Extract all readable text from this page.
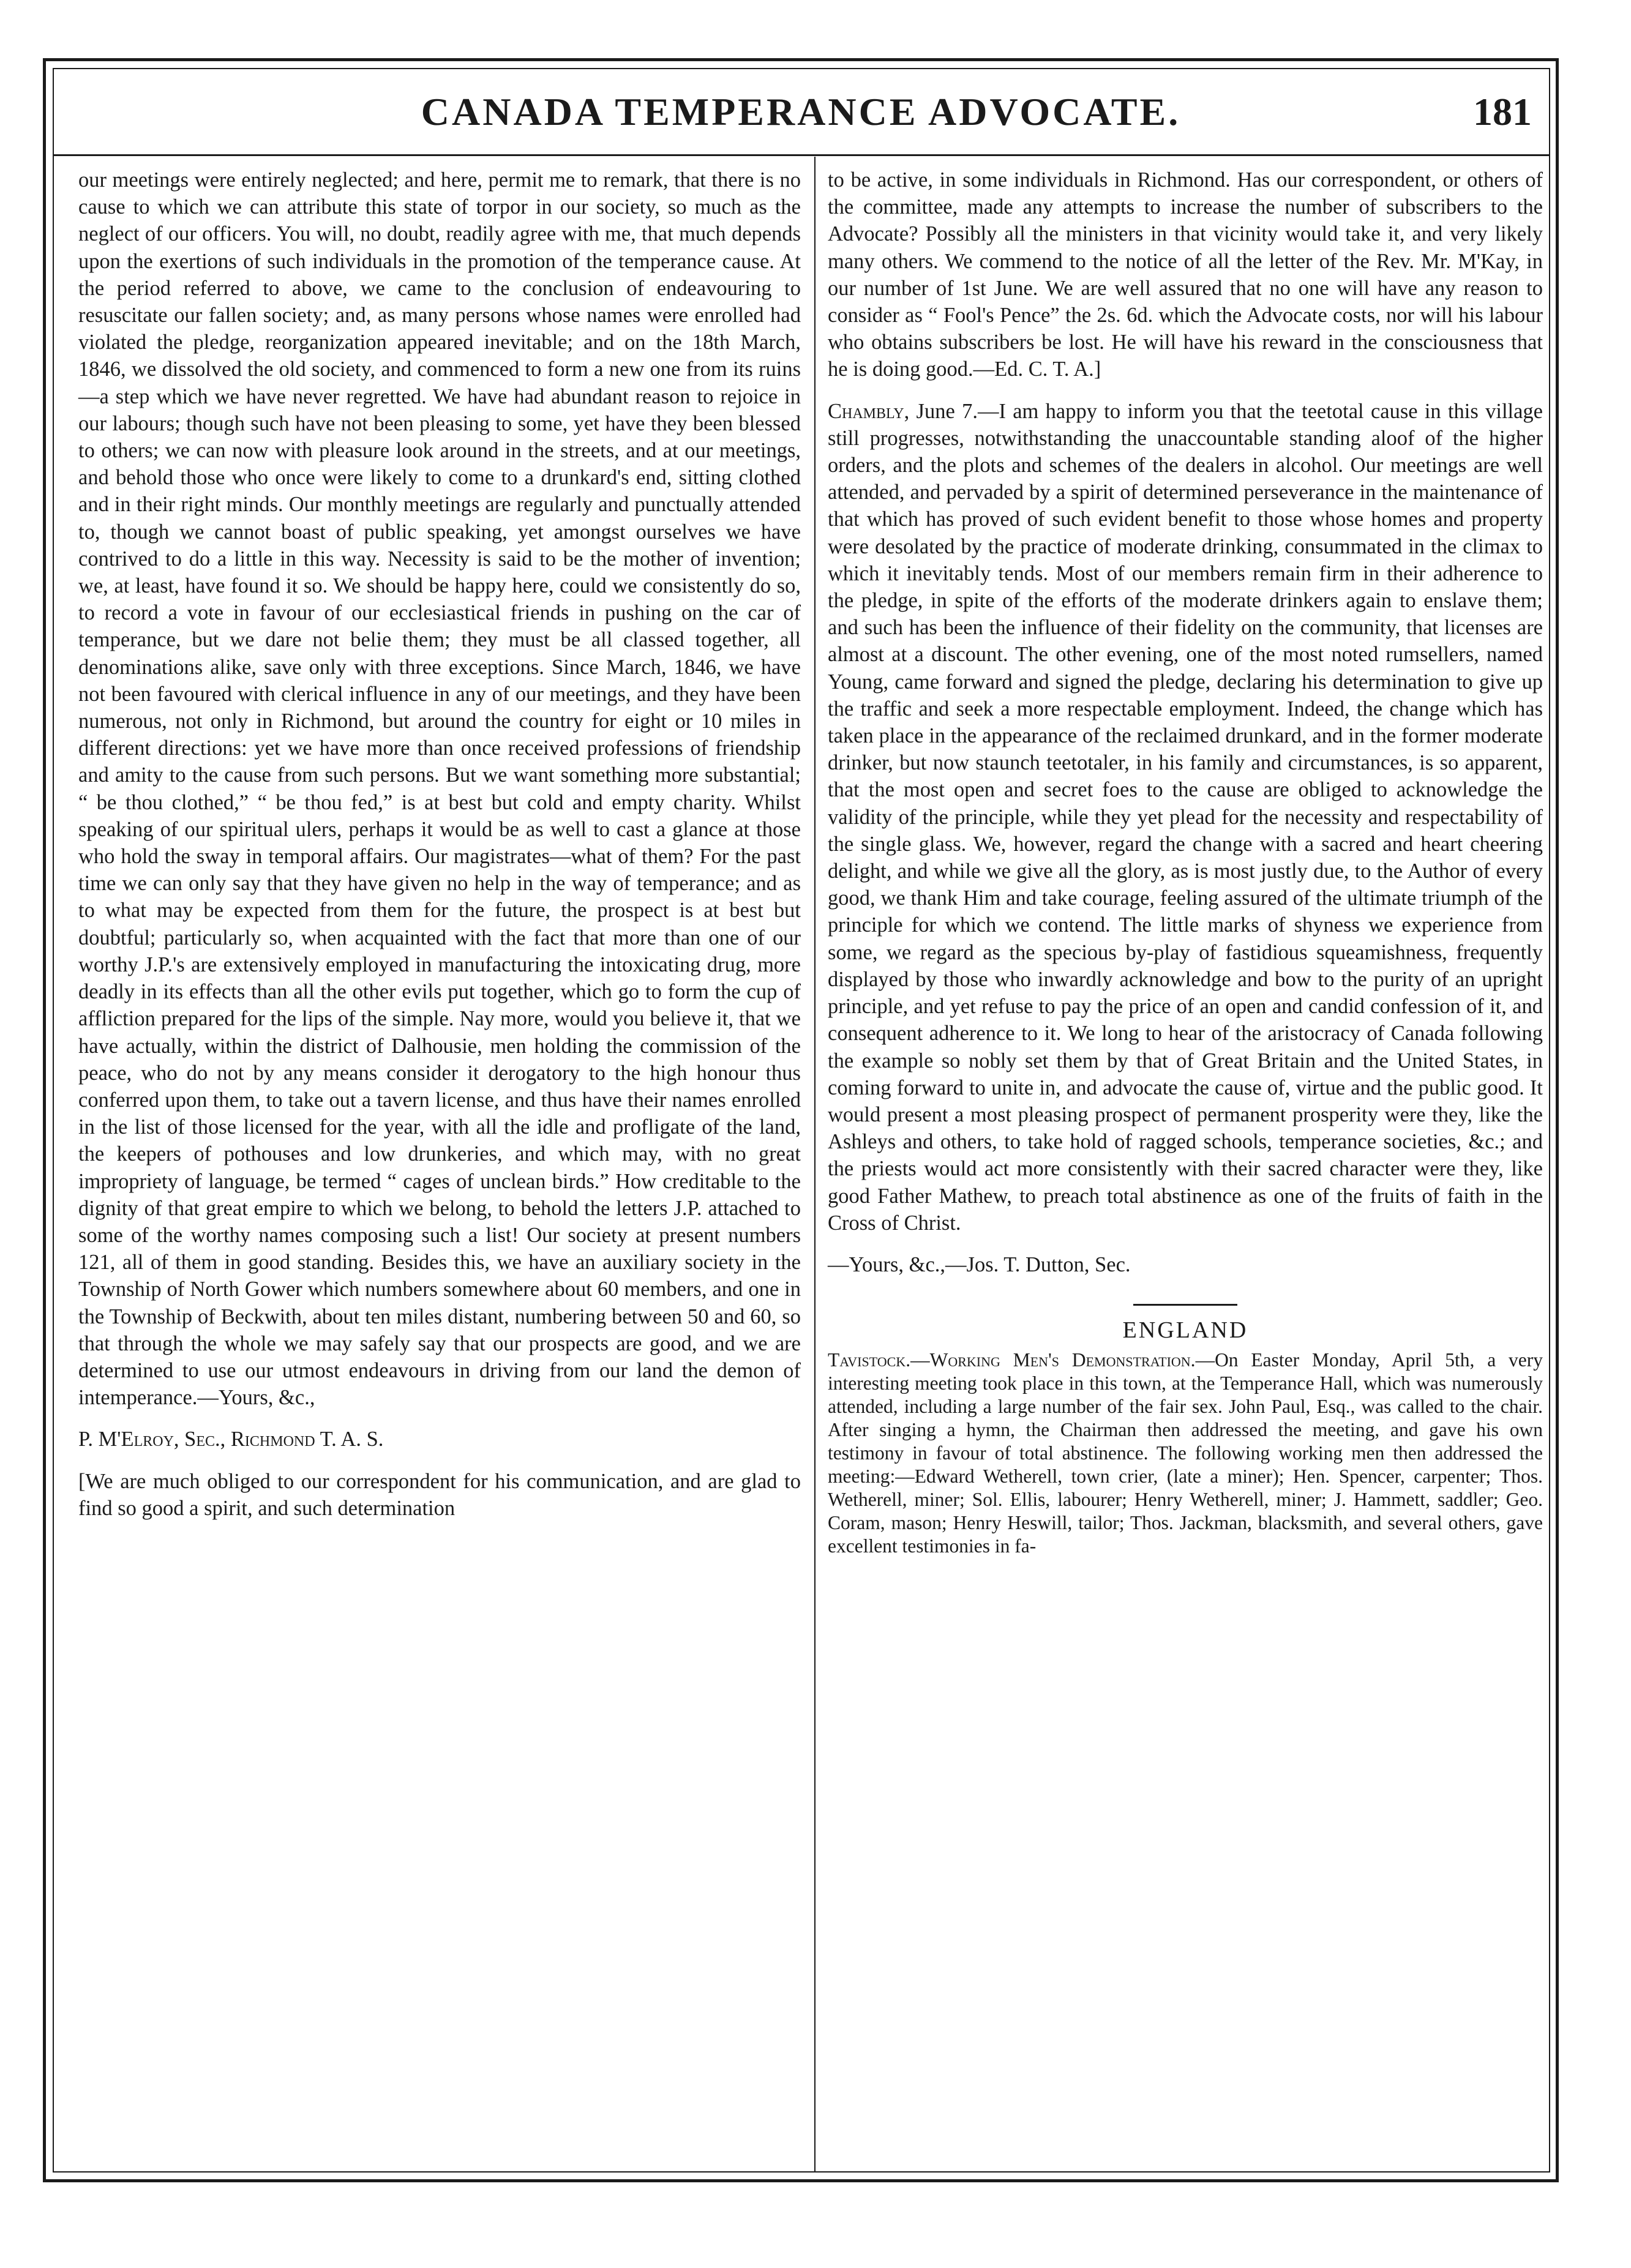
CANADA TEMPERANCE ADVOCATE.	181

our meetings were entirely neglected; and here, permit me to remark, that there is no cause to which we can attribute this state of torpor in our society, so much as the neglect of our officers. You will, no doubt, readily agree with me, that much depends upon the exertions of such individuals in the promotion of the temperance cause. At the period referred to above, we came to the conclusion of endeavouring to resuscitate our fallen society; and, as many persons whose names were enrolled had violated the pledge, reorganization appeared inevitable; and on the 18th March, 1846, we dissolved the old society, and commenced to form a new one from its ruins—a step which we have never regretted. We have had abundant reason to rejoice in our labours; though such have not been pleasing to some, yet have they been blessed to others; we can now with pleasure look around in the streets, and at our meetings, and behold those who once were likely to come to a drunkard's end, sitting clothed and in their right minds. Our monthly meetings are regularly and punctually attended to, though we cannot boast of public speaking, yet amongst ourselves we have contrived to do a little in this way. Necessity is said to be the mother of invention; we, at least, have found it so. We should be happy here, could we consistently do so, to record a vote in favour of our ecclesiastical friends in pushing on the car of temperance, but we dare not belie them; they must be all classed together, all denominations alike, save only with three exceptions. Since March, 1846, we have not been favoured with clerical influence in any of our meetings, and they have been numerous, not only in Richmond, but around the country for eight or 10 miles in different directions: yet we have more than once received professions of friendship and amity to the cause from such persons. But we want something more substantial; “ be thou clothed,” “ be thou fed,” is at best but cold and empty charity. Whilst speaking of our spiritual ulers, perhaps it would be as well to cast a glance at those who hold the sway in temporal affairs. Our magistrates—what of them? For the past time we can only say that they have given no help in the way of temperance; and as to what may be expected from them for the future, the prospect is at best but doubtful; particularly so, when acquainted with the fact that more than one of our worthy J.P.'s are extensively employed in manufacturing the intoxicating drug, more deadly in its effects than all the other evils put together, which go to form the cup of affliction prepared for the lips of the simple. Nay more, would you believe it, that we have actually, within the district of Dalhousie, men holding the commission of the peace, who do not by any means consider it derogatory to the high honour thus conferred upon them, to take out a tavern license, and thus have their names enrolled in the list of those licensed for the year, with all the idle and profligate of the land, the keepers of pothouses and low drunkeries, and which may, with no great impropriety of language, be termed “ cages of unclean birds.” How creditable to the dignity of that great empire to which we belong, to behold the letters J.P. attached to some of the worthy names composing such a list! Our society at present numbers 121, all of them in good standing. Besides this, we have an auxiliary society in the Township of North Gower which numbers somewhere about 60 members, and one in the Township of Beckwith, about ten miles distant, numbering between 50 and 60, so that through the whole we may safely say that our prospects are good, and we are determined to use our utmost endeavours in driving from our land the demon of intemperance.—Yours, &c.,

P. M'Elroy, Sec., Richmond T. A. S.

[We are much obliged to our correspondent for his communication, and are glad to find so good a spirit, and such determination

to be active, in some individuals in Richmond. Has our correspondent, or others of the committee, made any attempts to increase the number of subscribers to the Advocate? Possibly all the ministers in that vicinity would take it, and very likely many others. We commend to the notice of all the letter of the Rev. Mr. M'Kay, in our number of 1st June. We are well assured that no one will have any reason to consider as “ Fool's Pence” the 2s. 6d. which the Advocate costs, nor will his labour who obtains subscribers be lost. He will have his reward in the consciousness that he is doing good.—Ed. C. T. A.]

Chambly, June 7.—I am happy to inform you that the teetotal cause in this village still progresses, notwithstanding the unaccountable standing aloof of the higher orders, and the plots and schemes of the dealers in alcohol. Our meetings are well attended, and pervaded by a spirit of determined perseverance in the maintenance of that which has proved of such evident benefit to those whose homes and property were desolated by the practice of moderate drinking, consummated in the climax to which it inevitably tends. Most of our members remain firm in their adherence to the pledge, in spite of the efforts of the moderate drinkers again to enslave them; and such has been the influence of their fidelity on the community, that licenses are almost at a discount. The other evening, one of the most noted rumsellers, named Young, came forward and signed the pledge, declaring his determination to give up the traffic and seek a more respectable employment. Indeed, the change which has taken place in the appearance of the reclaimed drunkard, and in the former moderate drinker, but now staunch teetotaler, in his family and circumstances, is so apparent, that the most open and secret foes to the cause are obliged to acknowledge the validity of the principle, while they yet plead for the necessity and respectability of the single glass. We, however, regard the change with a sacred and heart cheering delight, and while we give all the glory, as is most justly due, to the Author of every good, we thank Him and take courage, feeling assured of the ultimate triumph of the principle for which we contend. The little marks of shyness we experience from some, we regard as the specious by-play of fastidious squeamishness, frequently displayed by those who inwardly acknowledge and bow to the purity of an upright principle, and yet refuse to pay the price of an open and candid confession of it, and consequent adherence to it. We long to hear of the aristocracy of Canada following the example so nobly set them by that of Great Britain and the United States, in coming forward to unite in, and advocate the cause of, virtue and the public good. It would present a most pleasing prospect of permanent prosperity were they, like the Ashleys and others, to take hold of ragged schools, temperance societies, &c.; and the priests would act more consistently with their sacred character were they, like good Father Mathew, to preach total abstinence as one of the fruits of faith in the Cross of Christ.

—Yours, &c.,—Jos. T. Dutton, Sec.

ENGLAND

Tavistock.—Working Men's Demonstration.—On Easter Monday, April 5th, a very interesting meeting took place in this town, at the Temperance Hall, which was numerously attended, including a large number of the fair sex. John Paul, Esq., was called to the chair. After singing a hymn, the Chairman then addressed the meeting, and gave his own testimony in favour of total abstinence. The following working men then addressed the meeting:—Edward Wetherell, town crier, (late a miner); Hen. Spencer, carpenter; Thos. Wetherell, miner; Sol. Ellis, labourer; Henry Wetherell, miner; J. Hammett, saddler; Geo. Coram, mason; Henry Heswill, tailor; Thos. Jackman, blacksmith, and several others, gave excellent testimonies in fa-
